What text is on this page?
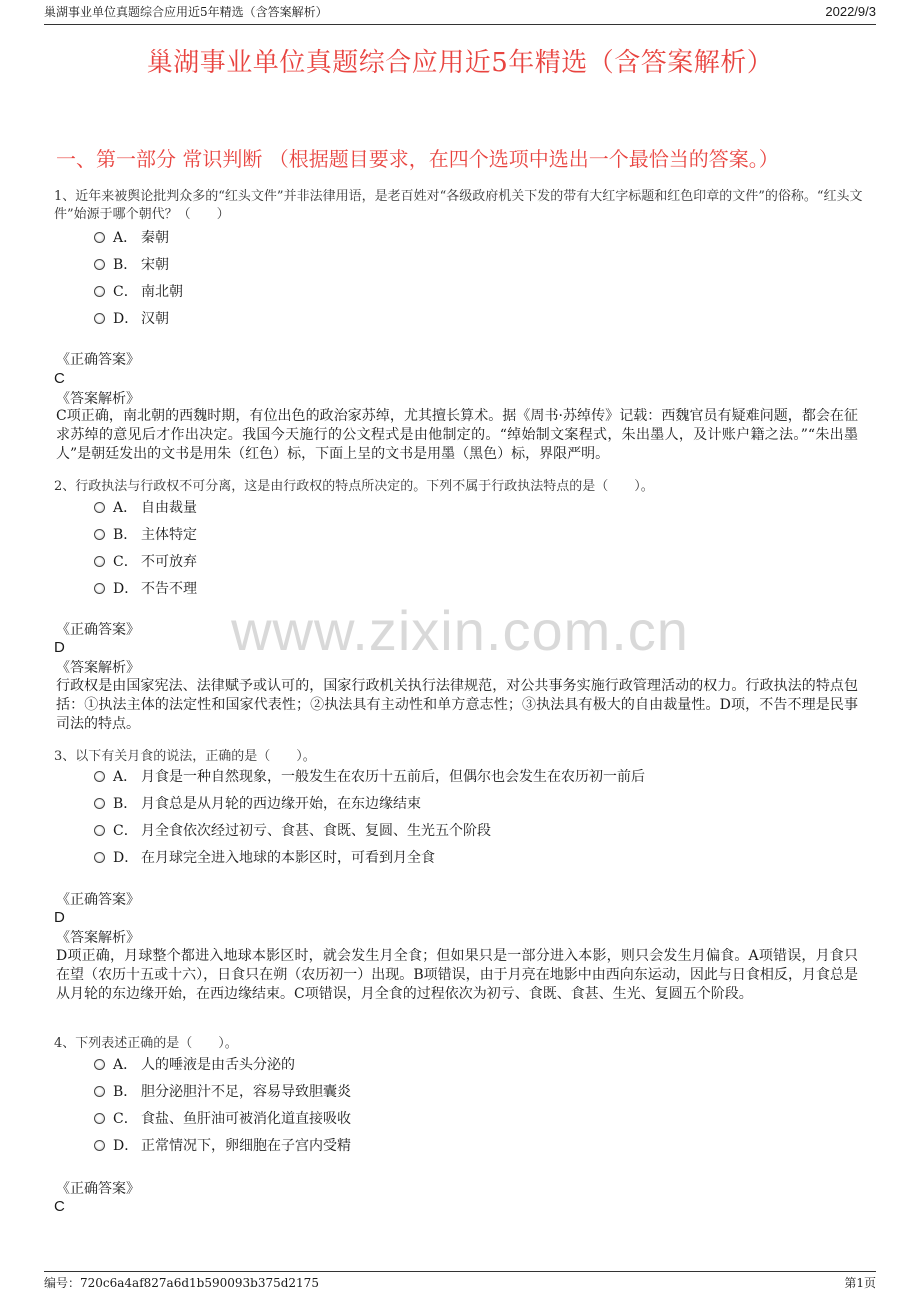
巢湖事业单位真题综合应用近5年精选（含答案解析）	2022/9/3
巢湖事业单位真题综合应用近5年精选（含答案解析）
一、第一部分 常识判断 （根据题目要求，在四个选项中选出一个最恰当的答案。）
www.zixin.com.cn
1、近年来被舆论批判众多的“红头文件”并非法律用语，是老百姓对“各级政府机关下发的带有大红字标题和红色印章的文件”的俗称。“红头文件”始源于哪个朝代？（　　）
A． 秦朝
B． 宋朝
C． 南北朝
D． 汉朝
《正确答案》
C
《答案解析》
C项正确，南北朝的西魏时期，有位出色的政治家苏绰，尤其擅长算术。据《周书·苏绰传》记载：西魏官员有疑难问题，都会在征求苏绰的意见后才作出决定。我国今天施行的公文程式是由他制定的。“绰始制文案程式，朱出墨人，及计账户籍之法。”“朱出墨人”是朝廷发出的文书是用朱（红色）标，下面上呈的文书是用墨（黑色）标，界限严明。
2、行政执法与行政权不可分离，这是由行政权的特点所决定的。下列不属于行政执法特点的是（　　）。
A． 自由裁量
B． 主体特定
C． 不可放弃
D． 不告不理
《正确答案》
D
《答案解析》
行政权是由国家宪法、法律赋予或认可的，国家行政机关执行法律规范，对公共事务实施行政管理活动的权力。行政执法的特点包括：①执法主体的法定性和国家代表性；②执法具有主动性和单方意志性；③执法具有极大的自由裁量性。D项，不告不理是民事司法的特点。
3、以下有关月食的说法，正确的是（　　）。
A． 月食是一种自然现象，一般发生在农历十五前后，但偶尔也会发生在农历初一前后
B． 月食总是从月轮的西边缘开始，在东边缘结束
C． 月全食依次经过初亏、食甚、食既、复圆、生光五个阶段
D． 在月球完全进入地球的本影区时，可看到月全食
《正确答案》
D
《答案解析》
D项正确，月球整个都进入地球本影区时，就会发生月全食；但如果只是一部分进入本影，则只会发生月偏食。A项错误，月食只在望（农历十五或十六），日食只在朔（农历初一）出现。B项错误，由于月亮在地影中由西向东运动，因此与日食相反，月食总是从月轮的东边缘开始，在西边缘结束。C项错误，月全食的过程依次为初亏、食既、食甚、生光、复圆五个阶段。
4、下列表述正确的是（　　）。
A． 人的唾液是由舌头分泌的
B． 胆分泌胆汁不足，容易导致胆囊炎
C． 食盐、鱼肝油可被消化道直接吸收
D． 正常情况下，卵细胞在子宫内受精
《正确答案》
C
编号：720c6a4af827a6d1b590093b375d2175	第1页
